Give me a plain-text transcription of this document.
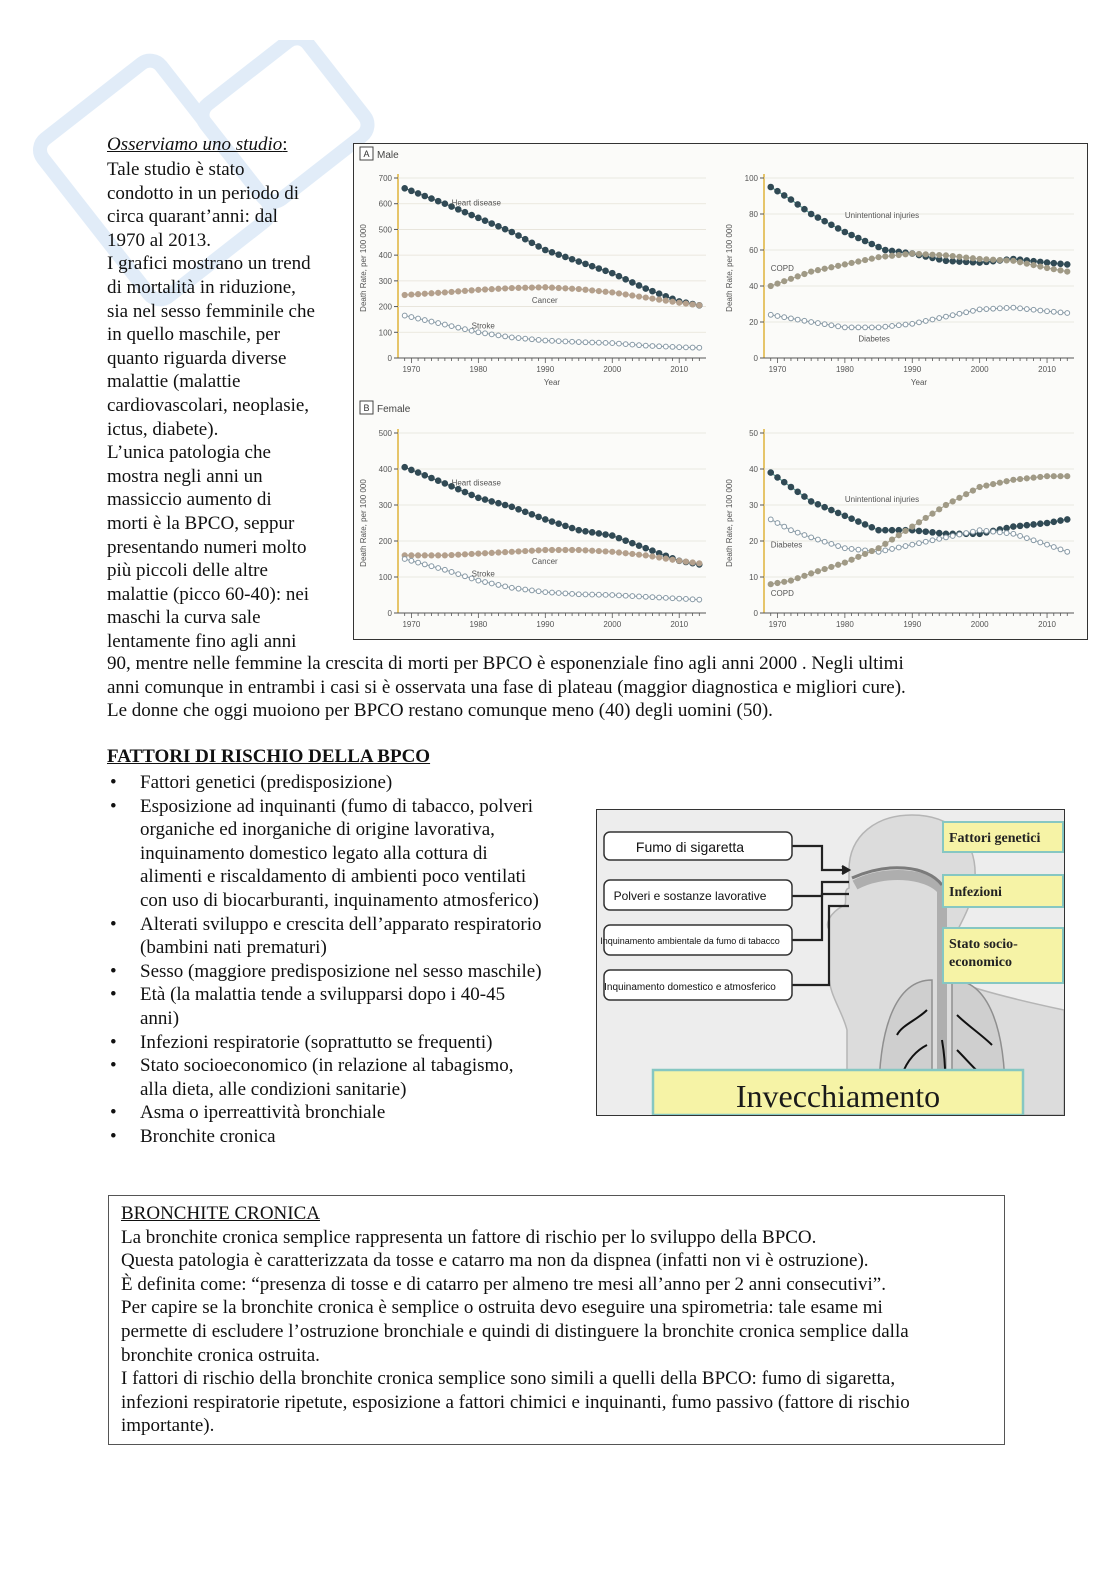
Osserviamo uno studio:
Tale studio è stato
condotto in un periodo di
circa quarant’anni: dal
1970 al 2013.
I grafici mostrano un trend
di mortalità in riduzione,
sia nel sesso femminile che
in quello maschile, per
quanto riguarda diverse
malattie (malattie
cardiovascolari, neoplasie,
ictus, diabete).
L’unica patologia che
mostra negli anni un
massiccio aumento di
morti è la BPCO, seppur
presentando numeri molto
più piccoli delle altre
malattie (picco 60-40): nei
maschi la curva sale
lentamente fino agli anni
90, mentre nelle femmine la crescita di morti per BPCO è esponenziale fino agli anni 2000 . Negli ultimi
anni comunque in entrambi i casi si è osservata una fase di plateau (maggior diagnostica e migliori cure).
Le donne che oggi muoiono per BPCO restano comunque meno (40) degli uomini (50).
A Male
B Female
0
100
200
300
400
500
600
700
1970	1980	1990	2000	2010
Year
Death Rate, per 100 000
Heart disease
Cancer
Stroke
0
20
40
60
80
100
1970	1980	1990	2000	2010
Year
Death Rate, per 100 000
Unintentional injuries
COPD
Diabetes
0
100
200
300
400
500
1970	1980	1990	2000	2010
Death Rate, per 100 000	Heart disease
Cancer
Stroke
0
10
20
30
40
50
1970	1980	1990	2000	2010
Death Rate, per 100 000	Unintentional injuries
Diabetes
COPD
FATTORI DI RISCHIO DELLA BPCO
• Fattori genetici (predisposizione)
• Esposizione ad inquinanti (fumo di tabacco, polveri
organiche ed inorganiche di origine lavorativa,
inquinamento domestico legato alla cottura di
alimenti e riscaldamento di ambienti poco ventilati
con uso di biocarburanti, inquinamento atmosferico)
• Alterati sviluppo e crescita dell’apparato respiratorio
(bambini nati prematuri)
• Sesso (maggiore predisposizione nel sesso maschile)
• Età (la malattia tende a svilupparsi dopo i 40-45
anni)
• Infezioni respiratorie (soprattutto se frequenti)
• Stato socioeconomico (in relazione al tabagismo,
alla dieta, alle condizioni sanitarie)
• Asma o iperreattività bronchiale
• Bronchite cronica
Fumo di sigaretta
Polveri e sostanze lavorative
Inquinamento ambientale da fumo di tabacco
Inquinamento domestico e atmosferico
Fattori genetici
Infezioni
Stato socio-
economico
Invecchiamento
BRONCHITE CRONICA
La bronchite cronica semplice rappresenta un fattore di rischio per lo sviluppo della BPCO.
Questa patologia è caratterizzata da tosse e catarro ma non da dispnea (infatti non vi è ostruzione).
È definita come: “presenza di tosse e di catarro per almeno tre mesi all’anno per 2 anni consecutivi”.
Per capire se la bronchite cronica è semplice o ostruita devo eseguire una spirometria: tale esame mi
permette di escludere l’ostruzione bronchiale e quindi di distinguere la bronchite cronica semplice dalla
bronchite cronica ostruita.
I fattori di rischio della bronchite cronica semplice sono simili a quelli della BPCO: fumo di sigaretta,
infezioni respiratorie ripetute, esposizione a fattori chimici e inquinanti, fumo passivo (fattore di rischio
importante).
